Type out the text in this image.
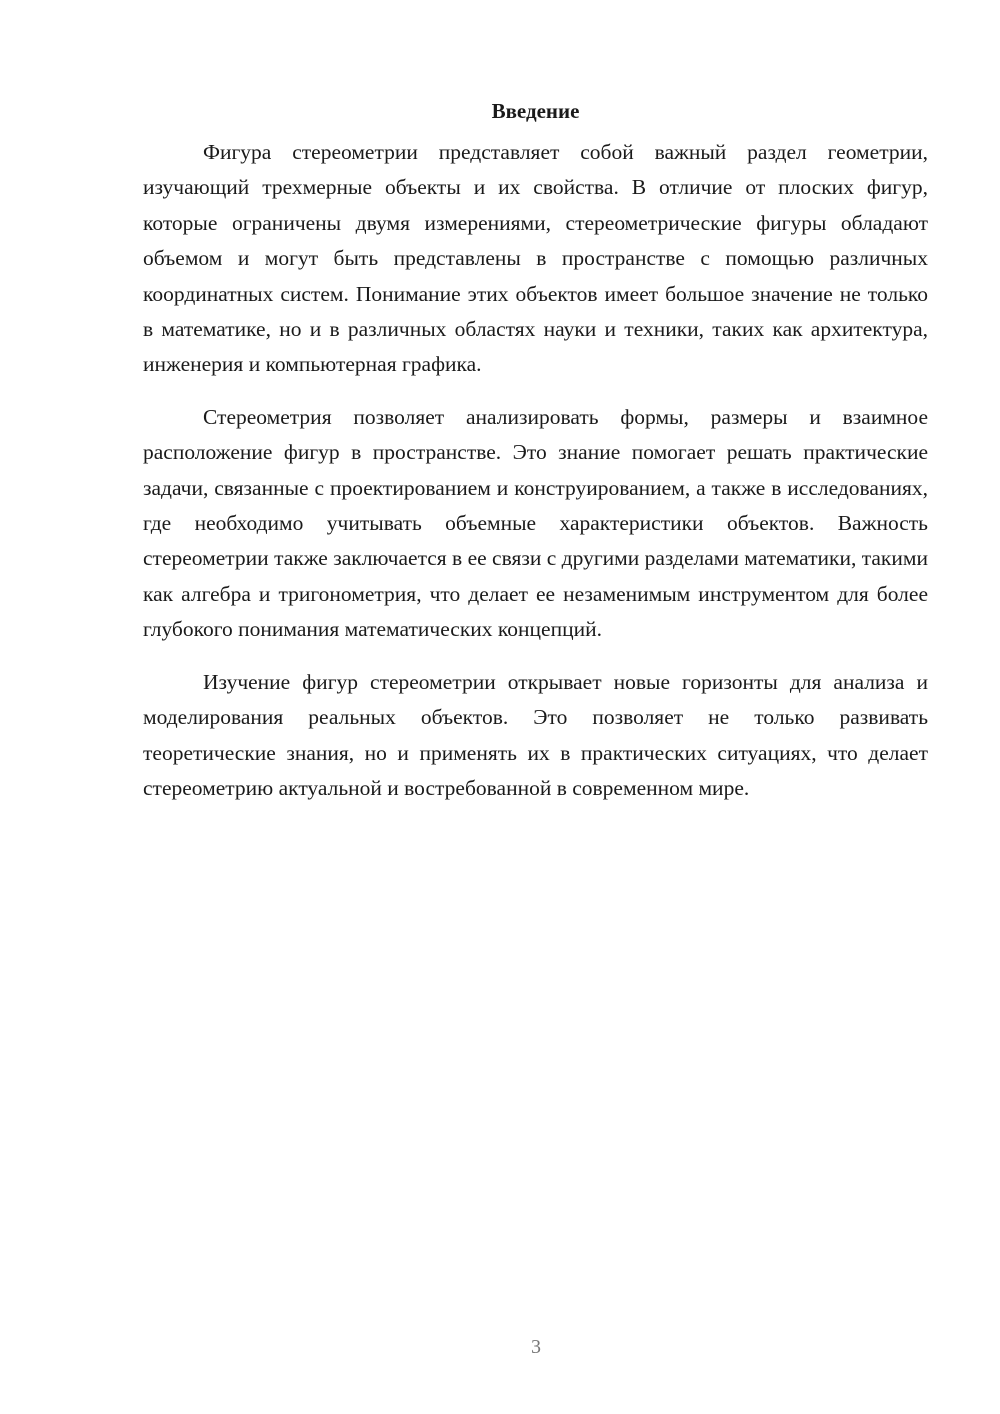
Введение

Фигура стереометрии представляет собой важный раздел геометрии, изучающий трехмерные объекты и их свойства. В отличие от плоских фигур, которые ограничены двумя измерениями, стереометрические фигуры обладают объемом и могут быть представлены в пространстве с помощью различных координатных систем. Понимание этих объектов имеет большое значение не только в математике, но и в различных областях науки и техники, таких как архитектура, инженерия и компьютерная графика.

Стереометрия позволяет анализировать формы, размеры и взаимное расположение фигур в пространстве. Это знание помогает решать практические задачи, связанные с проектированием и конструированием, а также в исследованиях, где необходимо учитывать объемные характеристики объектов. Важность стереометрии также заключается в ее связи с другими разделами математики, такими как алгебра и тригонометрия, что делает ее незаменимым инструментом для более глубокого понимания математических концепций.

Изучение фигур стереометрии открывает новые горизонты для анализа и моделирования реальных объектов. Это позволяет не только развивать теоретические знания, но и применять их в практических ситуациях, что делает стереометрию актуальной и востребованной в современном мире.

3
